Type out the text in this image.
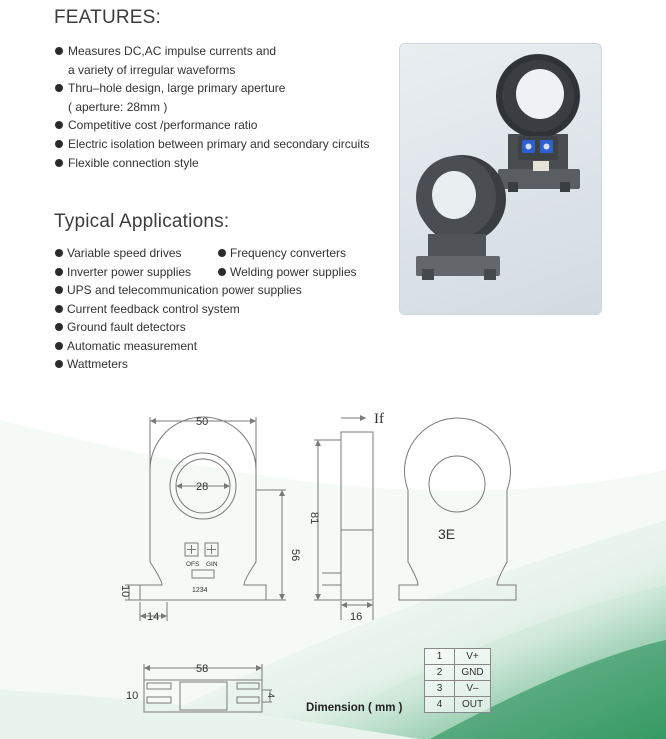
FEATURES:
Measures DC,AC impulse currents and
a variety of irregular waveforms
Thru–hole design, large primary aperture
( aperture: 28mm )
Competitive cost /performance ratio
Electric isolation between primary and secondary circuits
Flexible connection style
Typical Applications:
Variable speed drives	Frequency converters
Inverter power supplies	Welding power supplies
UPS and telecommunication power supplies
Current feedback control system
Ground fault detectors
Automatic measurement
Wattmeters
50
28
56
10
14
OFS GIN
1234
81
16
If
3E
58
10	4
1	V+
2	GND
3	V–
4	OUT
Dimension ( mm )
